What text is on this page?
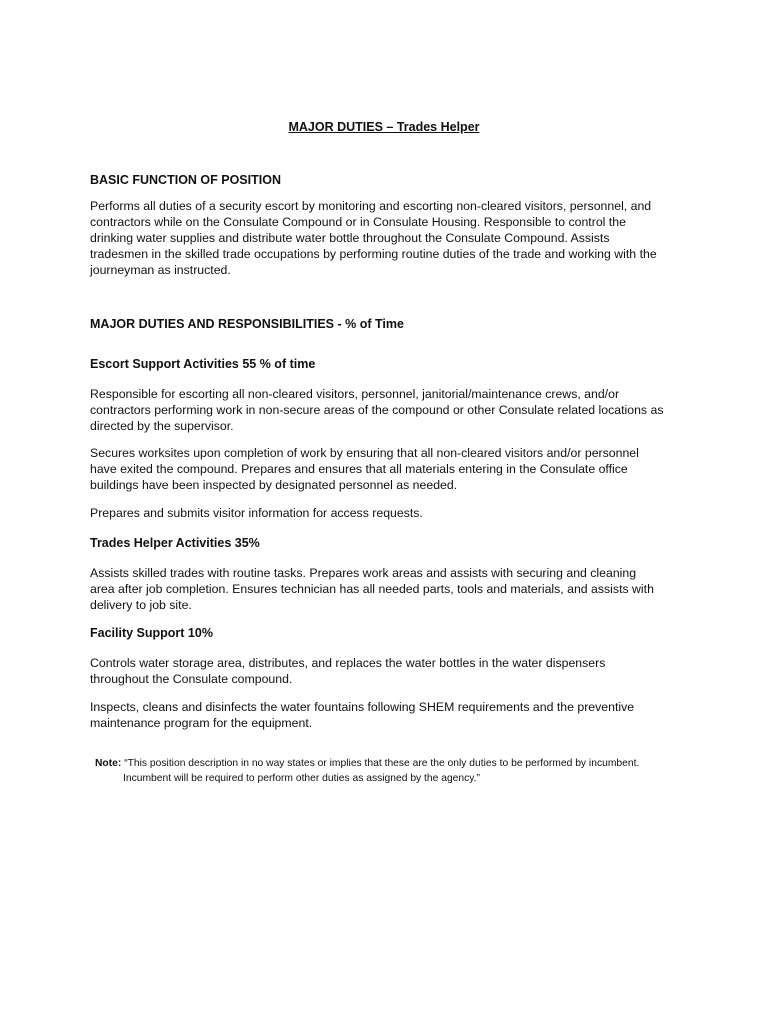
MAJOR DUTIES – Trades Helper
BASIC FUNCTION OF POSITION
Performs all duties of a security escort by monitoring and escorting non-cleared visitors, personnel, and
contractors while on the Consulate Compound or in Consulate Housing. Responsible to control the
drinking water supplies and distribute water bottle throughout the Consulate Compound. Assists
tradesmen in the skilled trade occupations by performing routine duties of the trade and working with the
journeyman as instructed.
MAJOR DUTIES AND RESPONSIBILITIES - % of Time
Escort Support Activities 55 % of time
Responsible for escorting all non-cleared visitors, personnel, janitorial/maintenance crews, and/or
contractors performing work in non-secure areas of the compound or other Consulate related locations as
directed by the supervisor.
Secures worksites upon completion of work by ensuring that all non-cleared visitors and/or personnel
have exited the compound. Prepares and ensures that all materials entering in the Consulate office
buildings have been inspected by designated personnel as needed.
Prepares and submits visitor information for access requests.
Trades Helper Activities 35%
Assists skilled trades with routine tasks. Prepares work areas and assists with securing and cleaning
area after job completion. Ensures technician has all needed parts, tools and materials, and assists with
delivery to job site.
Facility Support 10%
Controls water storage area, distributes, and replaces the water bottles in the water dispensers
throughout the Consulate compound.
Inspects, cleans and disinfects the water fountains following SHEM requirements and the preventive
maintenance program for the equipment.
Note: “This position description in no way states or implies that these are the only duties to be performed by incumbent.
Incumbent will be required to perform other duties as assigned by the agency.”
